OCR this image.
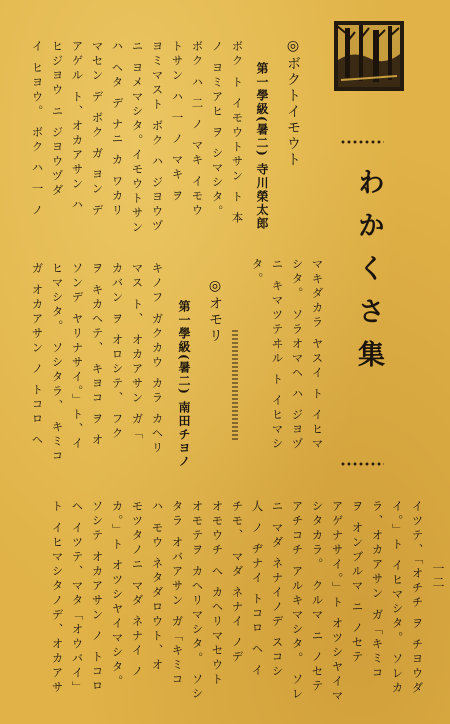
わかくさ集
一二
◎ボクトイモウト
第一學級(暑二) 寺川榮太郎
ボク ト イモウトサン ト 本
ノ ヨミアヒ ヲ シマシタ。
ボク ハ 二 ノ マキ イモウ
トサン ハ 一 ノ マキ ヲ
ヨミマスト ボク ハ ジヨウヅ
ニ ヨメマシタ。イモウトサン
ハ ヘタ デ ナニ カ ワカリ
マセン デ ボク ガ ヨン デ
アゲル ト、オカアサン ハ
ヒジヨウ ニ ジヨウヅダ
イ ヒヨウ。 ボク ハ 一 ノ
マキダカラ ヤスイ ト イヒマ
シタ。 ソラオマヘ ハ ジヨヅ
ニ キマツテヰル ト イヒマシ
タ。
◎オモリ
第一學級(暑二) 南田チヨノ
キノフ ガクカウ カラ カヘリ
マス ト、 オカアサン ガ「
カバン ヲ オロシテ、 フク
ヲ キカヘテ、 キヨコ ヲ オ
ソンデ ヤリナサイ。」ト、イ
ヒマシタ。 ソシタラ、 キミコ
ガ オカアサン ノ トコロ ヘ
イツテ、「オチチ ヲ チヨウダ
イ。」ト イヒマシタ。 ソレカ
ラ、オカアサン ガ「キミコ
ヲ オンブルマ ニ ノセテ
アゲナサイ。」ト オツシヤイマ
シタカラ。 クルマ ニ ノセテ
アチコチ アルキマシタ。 ソレ
ニ マダ ネナイノデ スコシ
人 ノ ヂナイ トコロ ヘ イ
チモ、 マダ ネナイ ノデ
オモウチ へ カヘリマセウト
オモテヲ カヘリマシタ。 ソシ
タラ オバアサン ガ「キミコ
ハ モウ ネタダロウト、オ
モツタノニ マダ ネナイ ノ
カ。」ト オツシヤイマシタ。
ソシテ オカアサン ノ トコロ
ヘ イツテ、マタ「オウバイ」
ト イヒマシタノデ、オカアサ
